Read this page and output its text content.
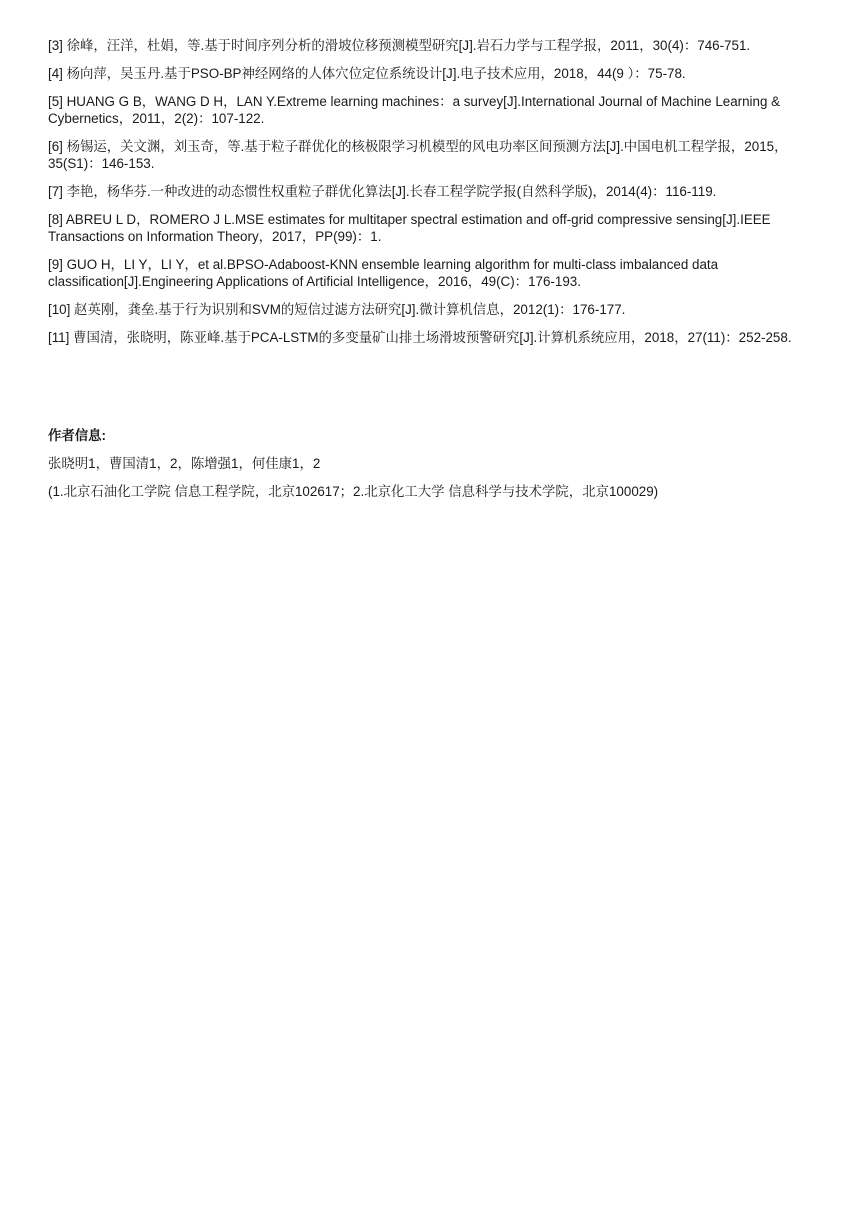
[3] 徐峰，汪洋，杜娟，等.基于时间序列分析的滑坡位移预测模型研究[J].岩石力学与工程学报，2011，30(4)：746-751.

[4] 杨向萍，吴玉丹.基于PSO-BP神经网络的人体穴位定位系统设计[J].电子技术应用，2018，44(9 ）：75-78.

[5] HUANG G B，WANG D H，LAN Y.Extreme learning machines：a survey[J].International Journal of Machine Learning & Cybernetics，2011，2(2)：107-122.

[6] 杨锡运，关文渊，刘玉奇，等.基于粒子群优化的核极限学习机模型的风电功率区间预测方法[J].中国电机工程学报，2015，35(S1)：146-153.

[7] 李艳，杨华芬.一种改进的动态惯性权重粒子群优化算法[J].长春工程学院学报(自然科学版)，2014(4)：116-119.

[8] ABREU L D，ROMERO J L.MSE estimates for multitaper spectral estimation and off-grid compressive sensing[J].IEEE Transactions on Information Theory，2017，PP(99)：1.

[9] GUO H，LI Y，LI Y，et al.BPSO-Adaboost-KNN ensemble learning algorithm for multi-class imbalanced data classification[J].Engineering Applications of Artificial Intelligence，2016，49(C)：176-193.

[10] 赵英刚，龚垒.基于行为识别和SVM的短信过滤方法研究[J].微计算机信息，2012(1)：176-177.

[11] 曹国清，张晓明，陈亚峰.基于PCA-LSTM的多变量矿山排土场滑坡预警研究[J].计算机系统应用，2018，27(11)：252-258.

作者信息:

张晓明1，曹国清1，2，陈增强1，何佳康1，2

(1.北京石油化工学院 信息工程学院，北京102617；2.北京化工大学 信息科学与技术学院，北京100029)
